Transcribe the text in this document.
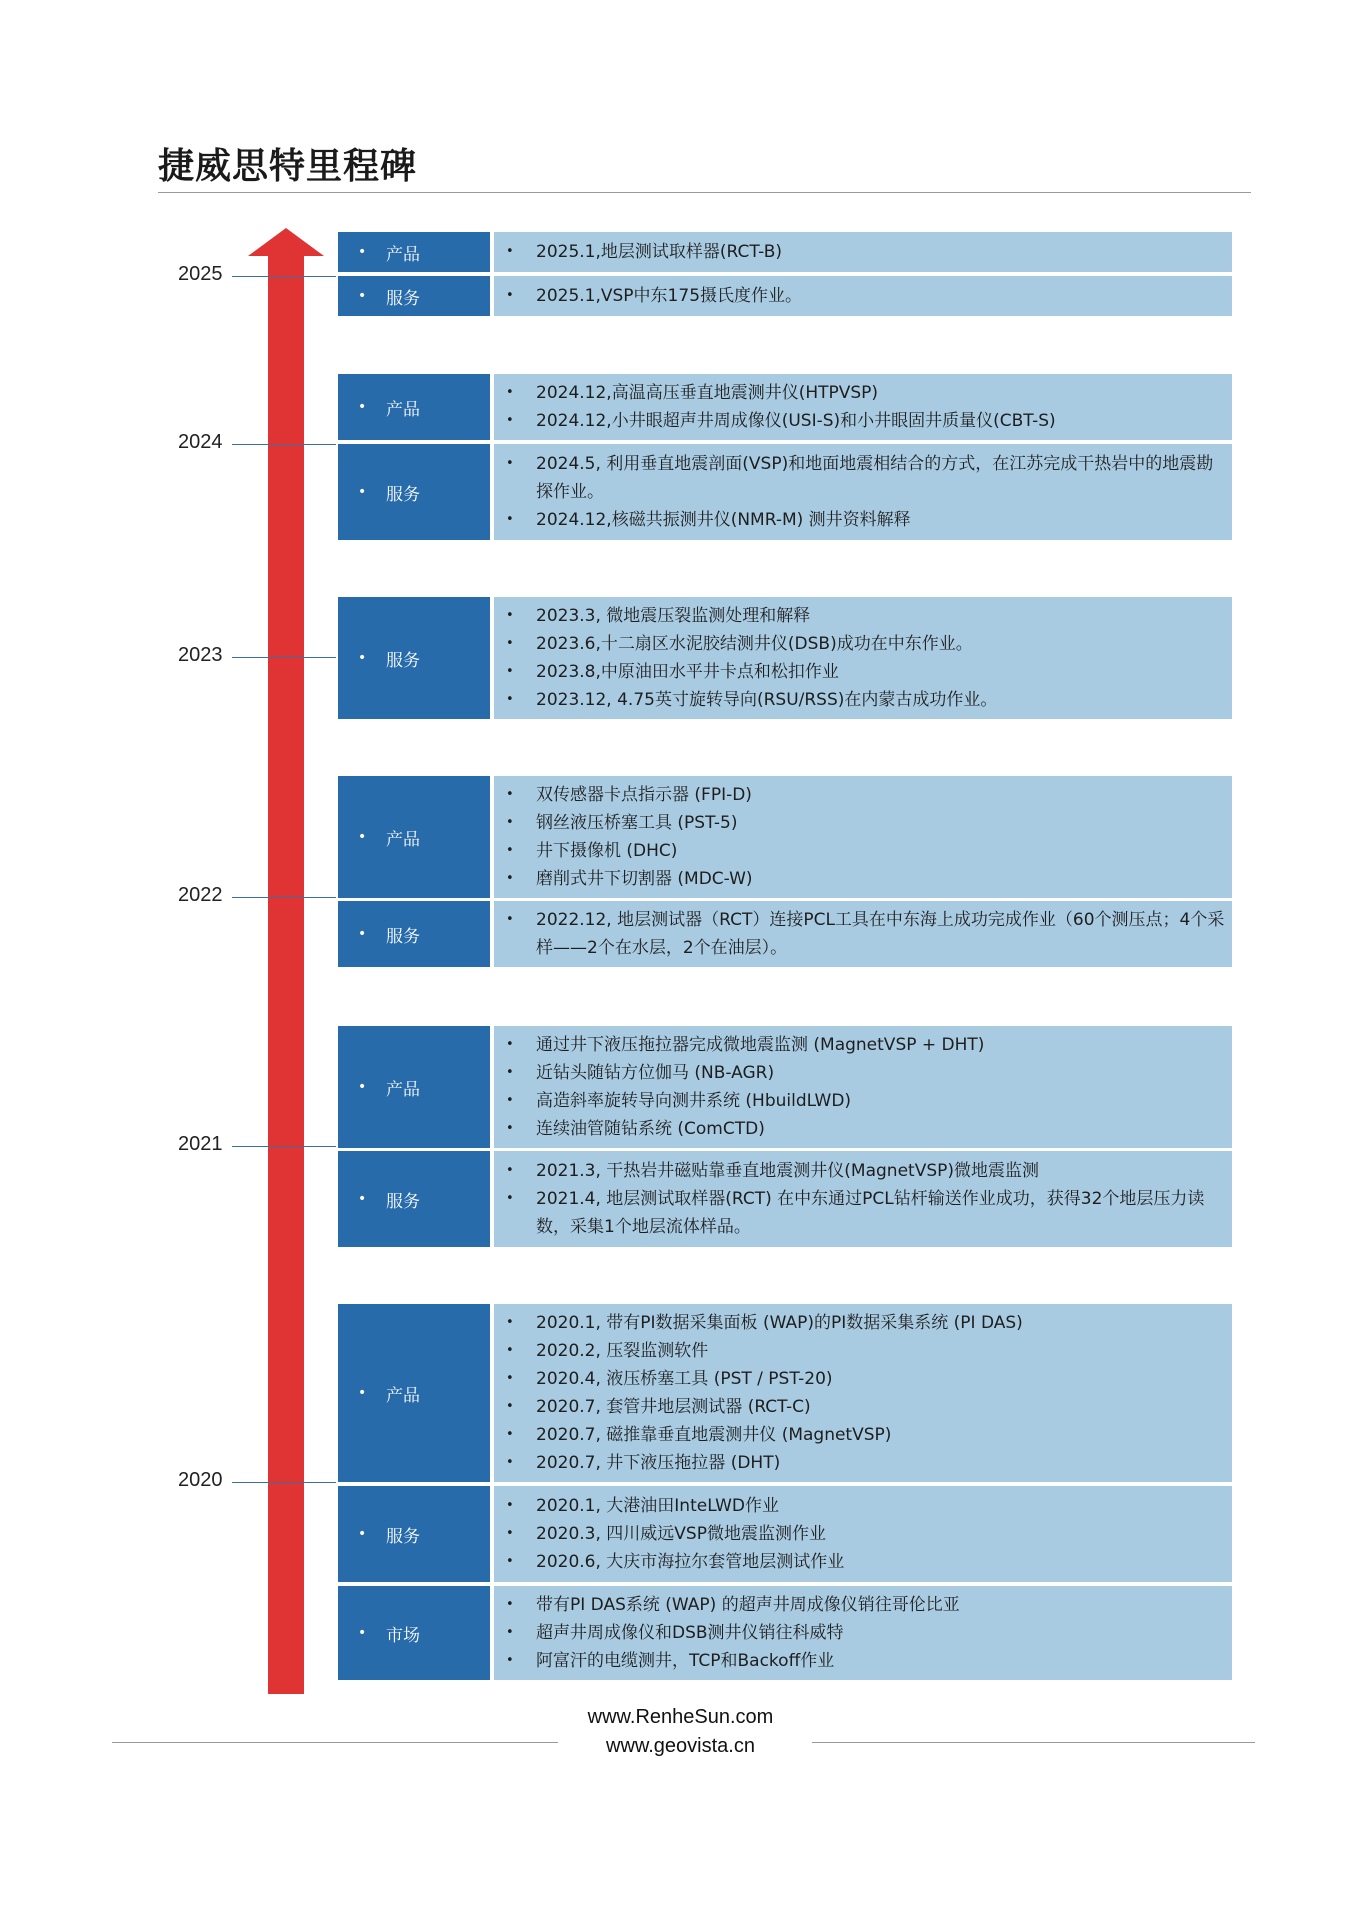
捷威思特里程碑
2025
•	产品	• 2025.1,地层测试取样器(RCT-B)
•	服务	• 2025.1,VSP中东175摄氏度作业。
2024
•	产品
• 2024.12,高温高压垂直地震测井仪(HTPVSP)
• 2024.12,小井眼超声井周成像仪(USI-S)和小井眼固井质量仪(CBT-S)
•	服务
• 2024.5, 利用垂直地震剖面(VSP)和地面地震相结合的方式，在江苏完成干热岩中的地震勘探作业。
• 2024.12,核磁共振测井仪(NMR-M) 测井资料解释
2023	•	服务
• 2023.3, 微地震压裂监测处理和解释
• 2023.6,十二扇区水泥胶结测井仪(DSB)成功在中东作业。
• 2023.8,中原油田水平井卡点和松扣作业
• 2023.12, 4.75英寸旋转导向(RSU/RSS)在内蒙古成功作业。
2022
•	产品
• 双传感器卡点指示器 (FPI-D)
• 钢丝液压桥塞工具 (PST-5)
• 井下摄像机 (DHC)
• 磨削式井下切割器 (MDC-W)
•	服务
• 2022.12, 地层测试器（RCT）连接PCL工具在中东海上成功完成作业（60个测压点；4个采样——2个在水层，2个在油层）。
2021
•	产品
• 通过井下液压拖拉器完成微地震监测 (MagnetVSP + DHT)
• 近钻头随钻方位伽马 (NB-AGR)
• 高造斜率旋转导向测井系统 (HbuildLWD)
• 连续油管随钻系统 (ComCTD)
•	服务
• 2021.3, 干热岩井磁贴靠垂直地震测井仪(MagnetVSP)微地震监测
• 2021.4, 地层测试取样器(RCT) 在中东通过PCL钻杆输送作业成功，获得32个地层压力读数，采集1个地层流体样品。
2020
•	产品
• 2020.1, 带有PI数据采集面板 (WAP)的PI数据采集系统 (PI DAS)
• 2020.2, 压裂监测软件
• 2020.4, 液压桥塞工具 (PST / PST-20)
• 2020.7, 套管井地层测试器 (RCT-C)
• 2020.7, 磁推靠垂直地震测井仪 (MagnetVSP)
• 2020.7, 井下液压拖拉器 (DHT)
•	服务
• 2020.1, 大港油田InteLWD作业
• 2020.3, 四川威远VSP微地震监测作业
• 2020.6, 大庆市海拉尔套管地层测试作业
•	市场
• 带有PI DAS系统 (WAP) 的超声井周成像仪销往哥伦比亚
• 超声井周成像仪和DSB测井仪销往科威特
• 阿富汗的电缆测井，TCP和Backoff作业
www.RenheSun.com
www.geovista.cn
